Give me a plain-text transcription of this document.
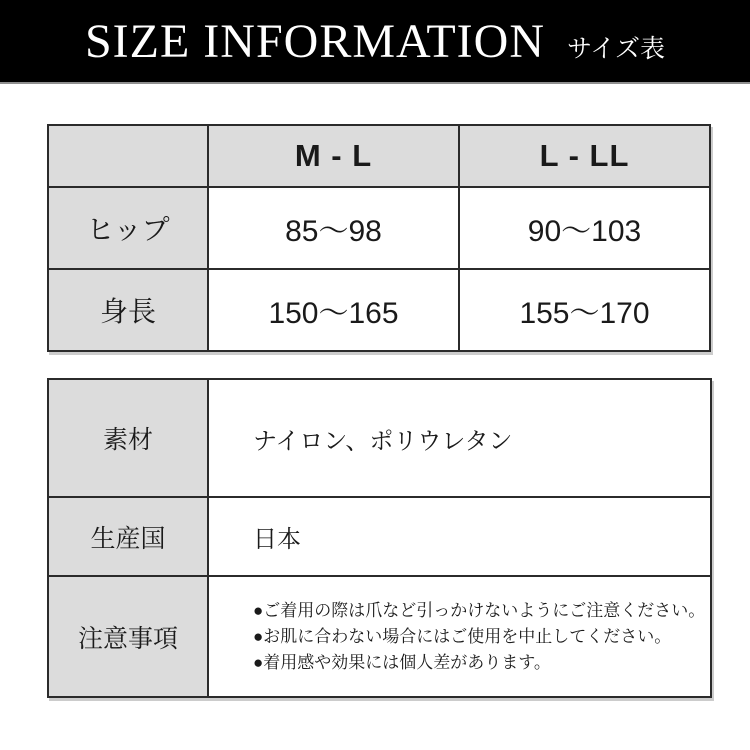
SIZE INFORMATION サイズ表
	M - L	L - LL
ヒップ	85〜98	90〜103
身長	150〜165	155〜170
素材	ナイロン、ポリウレタン
生産国	日本
注意事項	●ご着用の際は爪など引っかけないようにご注意ください。
●お肌に合わない場合にはご使用を中止してください。
●着用感や効果には個人差があります。
